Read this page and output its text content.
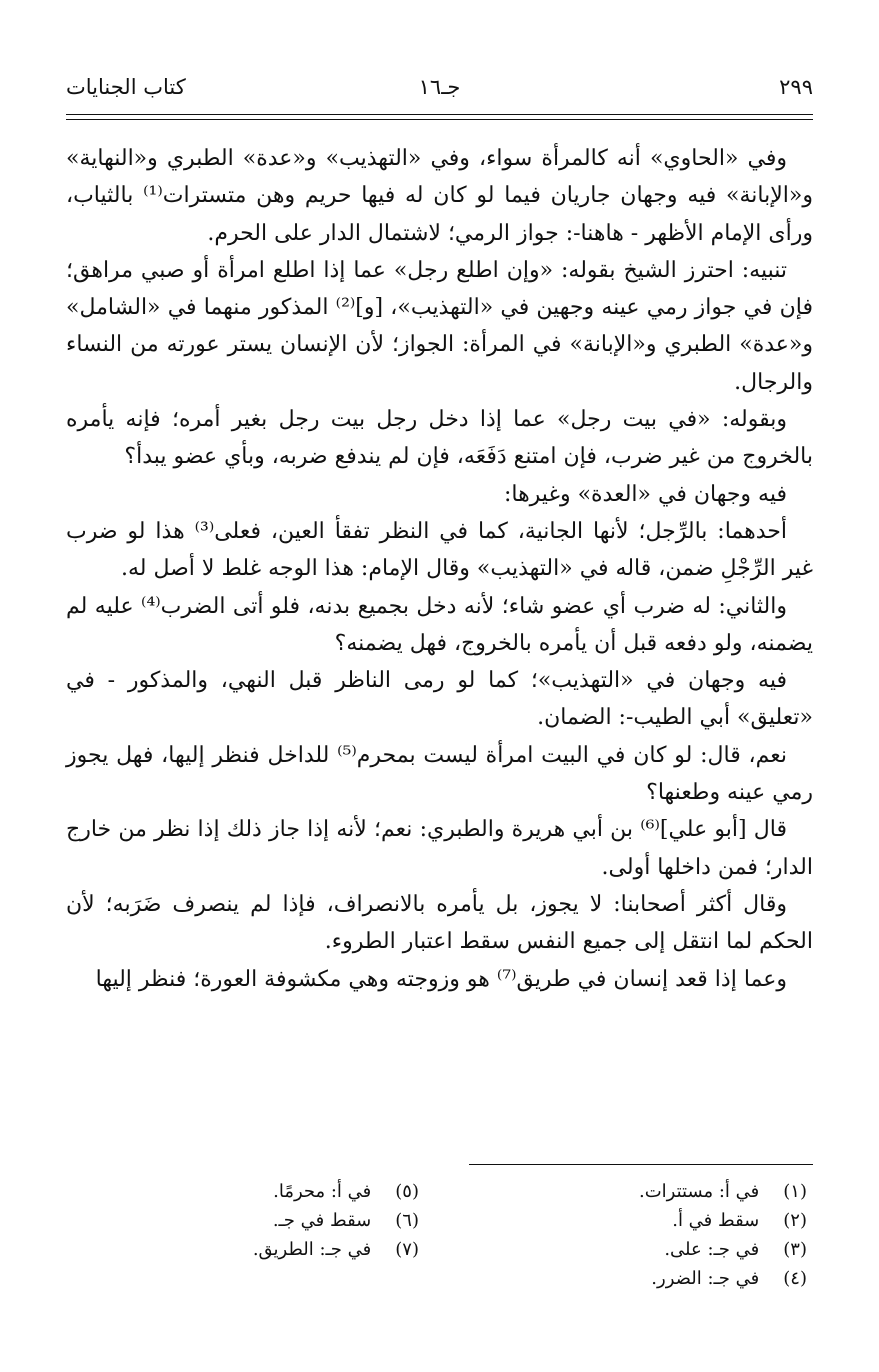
٢٩٩
جـ١٦
كتاب الجنايات

وفي «الحاوي» أنه كالمرأة سواء، وفي «التهذيب» و«عدة» الطبري و«النهاية» و«الإبانة» فيه وجهان جاريان فيما لو كان له فيها حريم وهن متسترات⁽¹⁾ بالثياب، ورأى الإمام الأظهر - هاهنا-: جواز الرمي؛ لاشتمال الدار على الحرم.

تنبيه: احترز الشيخ بقوله: «وإن اطلع رجل» عما إذا اطلع امرأة أو صبي مراهق؛ فإن في جواز رمي عينه وجهين في «التهذيب»، [و]⁽²⁾ المذكور منهما في «الشامل» و«عدة» الطبري و«الإبانة» في المرأة: الجواز؛ لأن الإنسان يستر عورته من النساء والرجال.

وبقوله: «في بيت رجل» عما إذا دخل رجل بيت رجل بغير أمره؛ فإنه يأمره بالخروج من غير ضرب، فإن امتنع دَفَعَه، فإن لم يندفع ضربه، وبأي عضو يبدأ؟

فيه وجهان في «العدة» وغيرها:

أحدهما: بالرِّجل؛ لأنها الجانية، كما في النظر تفقأ العين، فعلى⁽³⁾ هذا لو ضرب غير الرِّجْلِ ضمن، قاله في «التهذيب» وقال الإمام: هذا الوجه غلط لا أصل له.

والثاني: له ضرب أي عضو شاء؛ لأنه دخل بجميع بدنه، فلو أتى الضرب⁽⁴⁾ عليه لم يضمنه، ولو دفعه قبل أن يأمره بالخروج، فهل يضمنه؟

فيه وجهان في «التهذيب»؛ كما لو رمى الناظر قبل النهي، والمذكور - في «تعليق» أبي الطيب-: الضمان.

نعم، قال: لو كان في البيت امرأة ليست بمحرم⁽⁵⁾ للداخل فنظر إليها، فهل يجوز رمي عينه وطعنها؟

قال [أبو علي]⁽⁶⁾ بن أبي هريرة والطبري: نعم؛ لأنه إذا جاز ذلك إذا نظر من خارج الدار؛ فمن داخلها أولى.

وقال أكثر أصحابنا: لا يجوز، بل يأمره بالانصراف، فإذا لم ينصرف ضَرَبه؛ لأن الحكم لما انتقل إلى جميع النفس سقط اعتبار الطروء.

وعما إذا قعد إنسان في طريق⁽⁷⁾ هو وزوجته وهي مكشوفة العورة؛ فنظر إليها

(١) في أ: مستترات.
(٢) سقط في أ.
(٣) في جـ: على.
(٤) في جـ: الضرر.
(٥) في أ: محرمًا.
(٦) سقط في جـ.
(٧) في جـ: الطريق.
